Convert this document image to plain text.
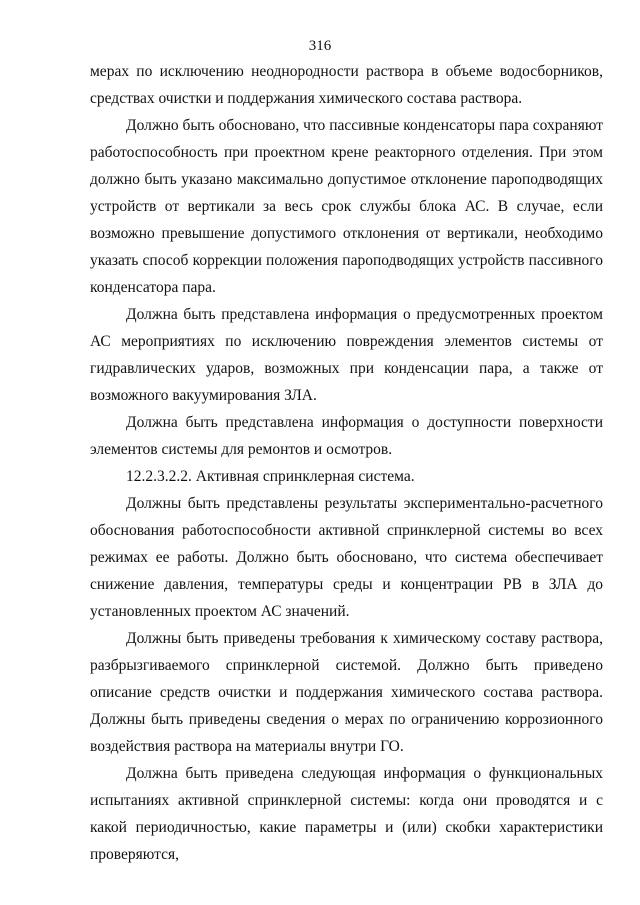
316

мерах по исключению неоднородности раствора в объеме водосборников, средствах очистки и поддержания химического состава раствора.

Должно быть обосновано, что пассивные конденсаторы пара сохраняют работоспособность при проектном крене реакторного отделения. При этом должно быть указано максимально допустимое отклонение пароподводящих устройств от вертикали за весь срок службы блока АС. В случае, если возможно превышение допустимого отклонения от вертикали, необходимо указать способ коррекции положения пароподводящих устройств пассивного конденсатора пара.

Должна быть представлена информация о предусмотренных проектом АС мероприятиях по исключению повреждения элементов системы от гидравлических ударов, возможных при конденсации пара, а также от возможного вакуумирования ЗЛА.

Должна быть представлена информация о доступности поверхности элементов системы для ремонтов и осмотров.

12.2.3.2.2. Активная спринклерная система.

Должны быть представлены результаты экспериментально-расчетного обоснования работоспособности активной спринклерной системы во всех режимах ее работы. Должно быть обосновано, что система обеспечивает снижение давления, температуры среды и концентрации РВ в ЗЛА до установленных проектом АС значений.

Должны быть приведены требования к химическому составу раствора, разбрызгиваемого спринклерной системой. Должно быть приведено описание средств очистки и поддержания химического состава раствора. Должны быть приведены сведения о мерах по ограничению коррозионного воздействия раствора на материалы внутри ГО.

Должна быть приведена следующая информация о функциональных испытаниях активной спринклерной системы: когда они проводятся и с какой периодичностью, какие параметры и (или) скобки характеристики проверяются,
